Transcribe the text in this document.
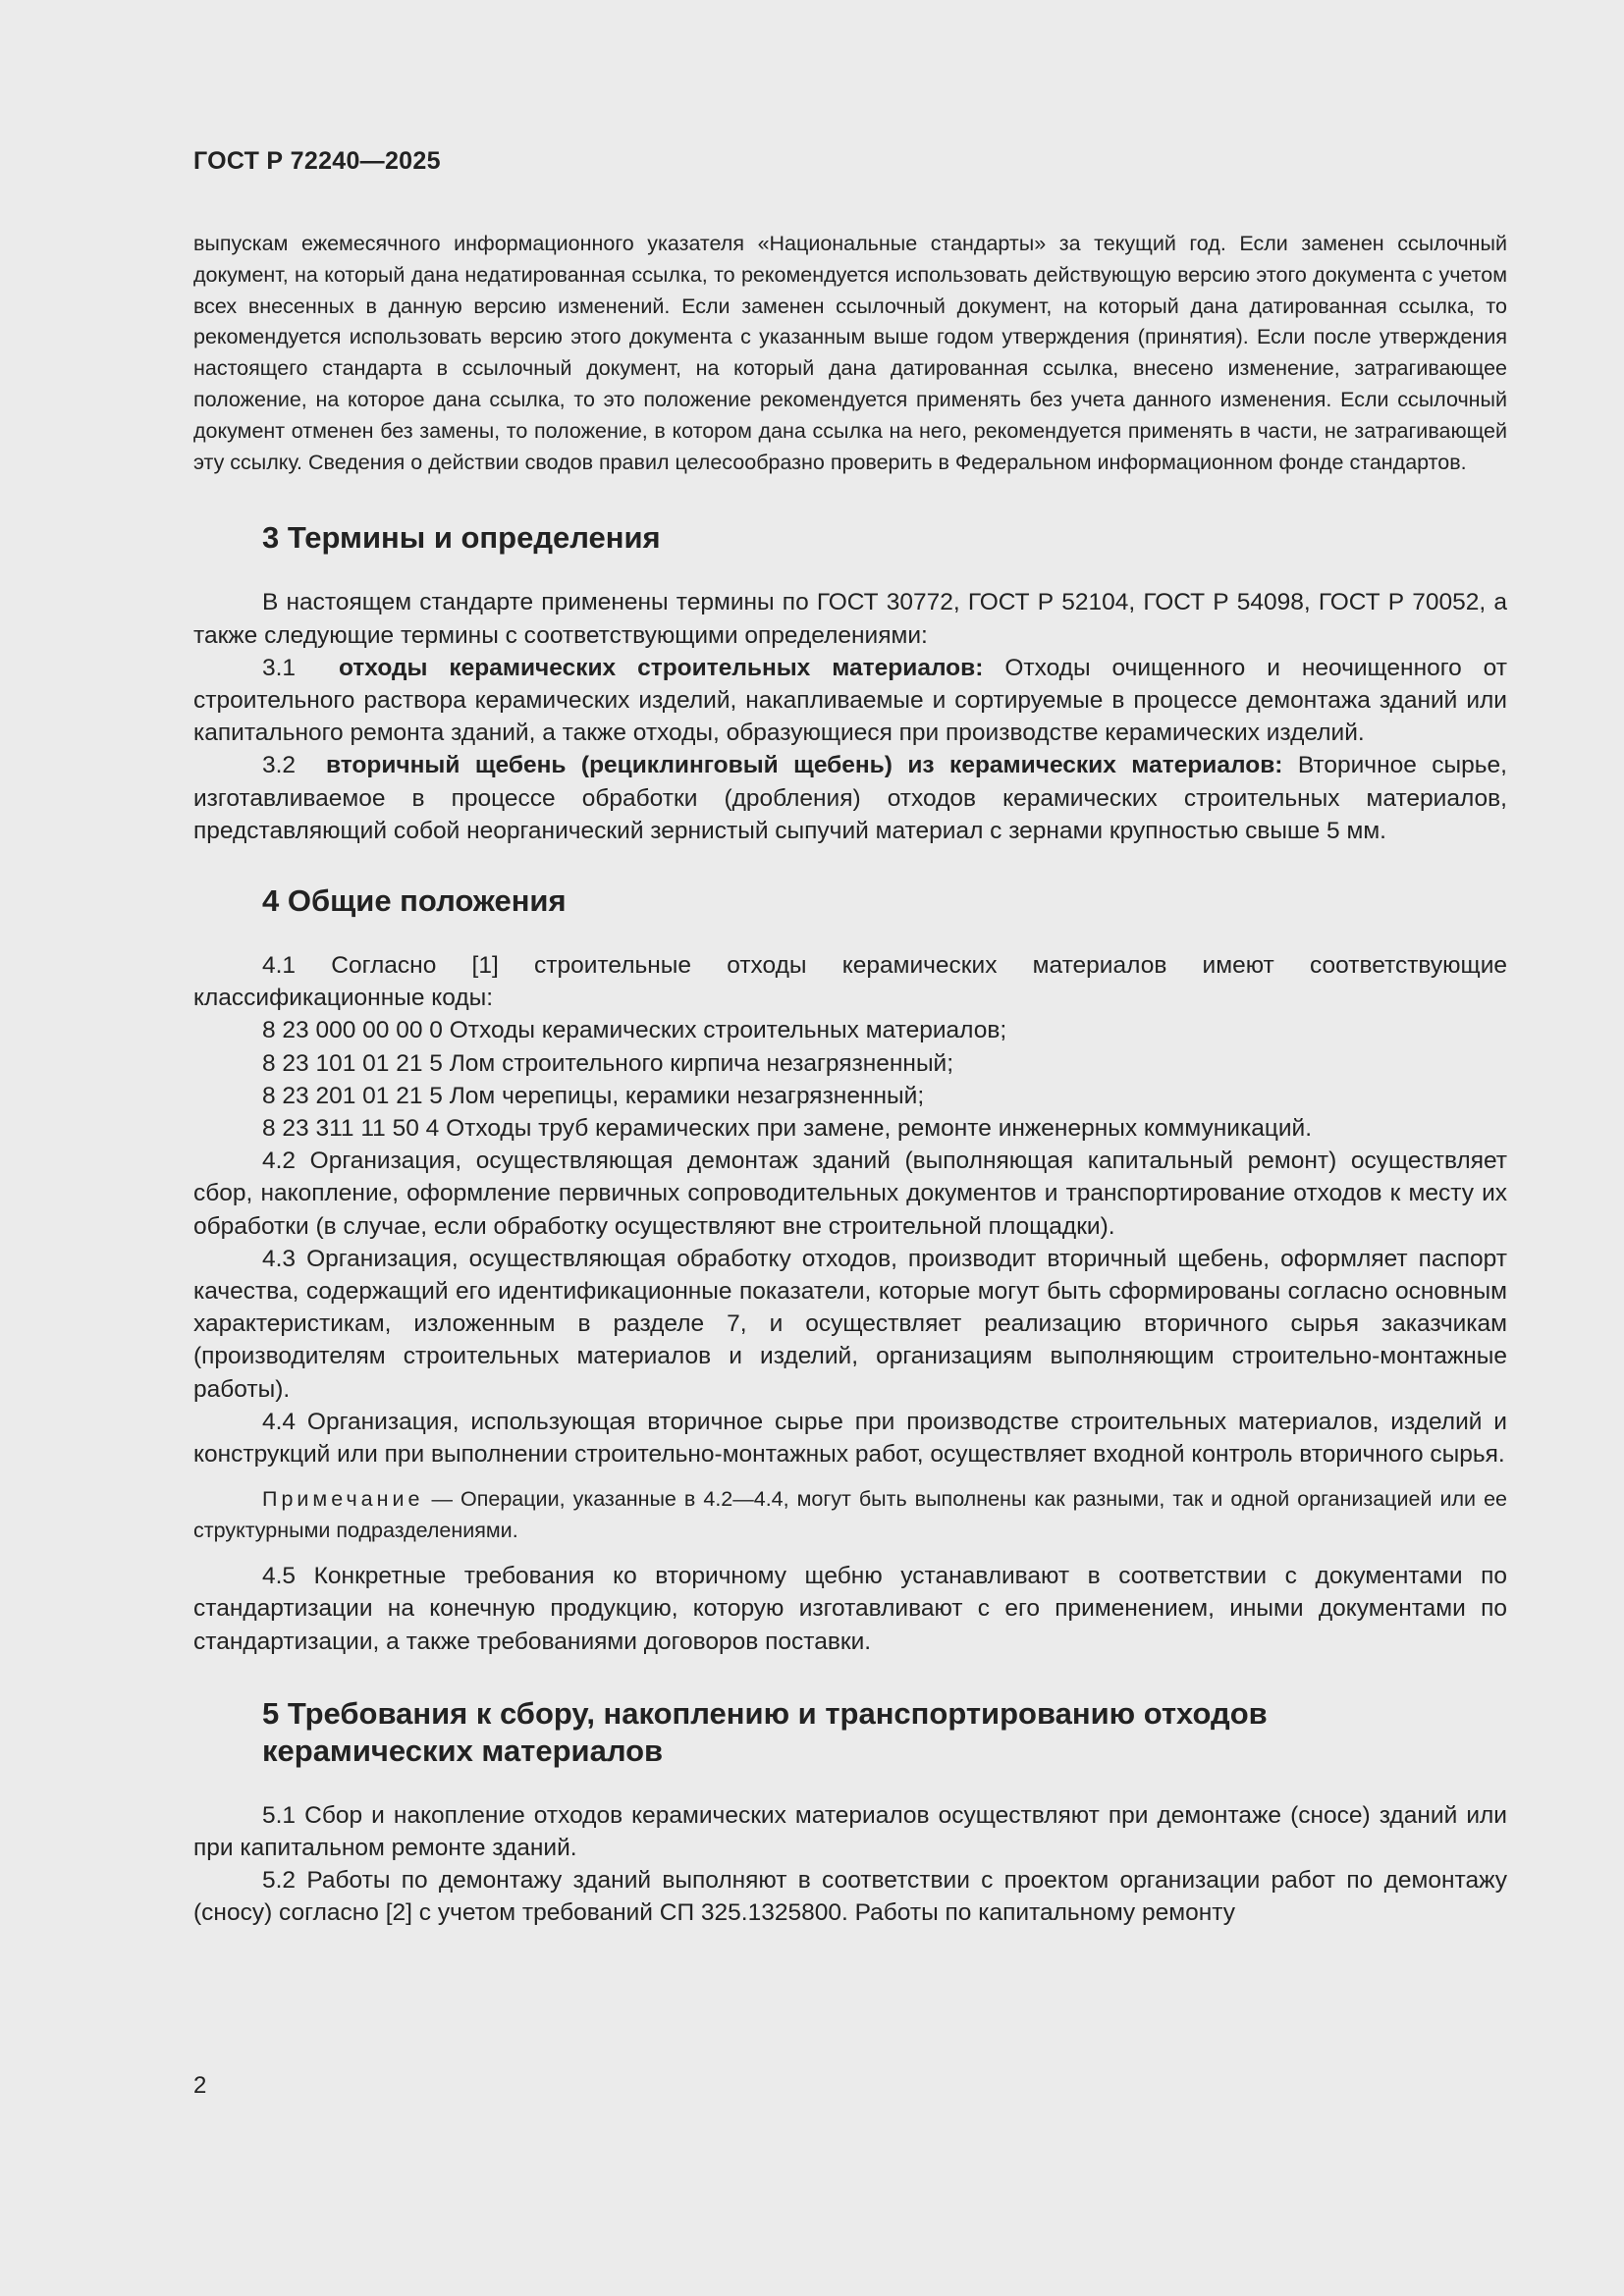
ГОСТ Р 72240—2025

выпускам ежемесячного информационного указателя «Национальные стандарты» за текущий год. Если заменен ссылочный документ, на который дана недатированная ссылка, то рекомендуется использовать действующую версию этого документа с учетом всех внесенных в данную версию изменений. Если заменен ссылочный документ, на который дана датированная ссылка, то рекомендуется использовать версию этого документа с указанным выше годом утверждения (принятия). Если после утверждения настоящего стандарта в ссылочный документ, на который дана датированная ссылка, внесено изменение, затрагивающее положение, на которое дана ссылка, то это положение рекомендуется применять без учета данного изменения. Если ссылочный документ отменен без замены, то положение, в котором дана ссылка на него, рекомендуется применять в части, не затрагивающей эту ссылку. Сведения о действии сводов правил целесообразно проверить в Федеральном информационном фонде стандартов.

3 Термины и определения

В настоящем стандарте применены термины по ГОСТ 30772, ГОСТ Р 52104, ГОСТ Р 54098, ГОСТ Р 70052, а также следующие термины с соответствующими определениями:

3.1 отходы керамических строительных материалов: Отходы очищенного и неочищенного от строительного раствора керамических изделий, накапливаемые и сортируемые в процессе демонтажа зданий или капитального ремонта зданий, а также отходы, образующиеся при производстве керамических изделий.

3.2 вторичный щебень (рециклинговый щебень) из керамических материалов: Вторичное сырье, изготавливаемое в процессе обработки (дробления) отходов керамических строительных материалов, представляющий собой неорганический зернистый сыпучий материал с зернами крупностью свыше 5 мм.

4 Общие положения

4.1 Согласно [1] строительные отходы керамических материалов имеют соответствующие классификационные коды:

8 23 000 00 00 0 Отходы керамических строительных материалов;

8 23 101 01 21 5 Лом строительного кирпича незагрязненный;

8 23 201 01 21 5 Лом черепицы, керамики незагрязненный;

8 23 311 11 50 4 Отходы труб керамических при замене, ремонте инженерных коммуникаций.

4.2 Организация, осуществляющая демонтаж зданий (выполняющая капитальный ремонт) осуществляет сбор, накопление, оформление первичных сопроводительных документов и транспортирование отходов к месту их обработки (в случае, если обработку осуществляют вне строительной площадки).

4.3 Организация, осуществляющая обработку отходов, производит вторичный щебень, оформляет паспорт качества, содержащий его идентификационные показатели, которые могут быть сформированы согласно основным характеристикам, изложенным в разделе 7, и осуществляет реализацию вторичного сырья заказчикам (производителям строительных материалов и изделий, организациям выполняющим строительно-монтажные работы).

4.4 Организация, использующая вторичное сырье при производстве строительных материалов, изделий и конструкций или при выполнении строительно-монтажных работ, осуществляет входной контроль вторичного сырья.

Примечание — Операции, указанные в 4.2—4.4, могут быть выполнены как разными, так и одной организацией или ее структурными подразделениями.

4.5 Конкретные требования ко вторичному щебню устанавливают в соответствии с документами по стандартизации на конечную продукцию, которую изготавливают с его применением, иными документами по стандартизации, а также требованиями договоров поставки.

5 Требования к сбору, накоплению и транспортированию отходов
керамических материалов

5.1 Сбор и накопление отходов керамических материалов осуществляют при демонтаже (сносе) зданий или при капитальном ремонте зданий.

5.2 Работы по демонтажу зданий выполняют в соответствии с проектом организации работ по демонтажу (сносу) согласно [2] с учетом требований СП 325.1325800. Работы по капитальному ремонту

2
